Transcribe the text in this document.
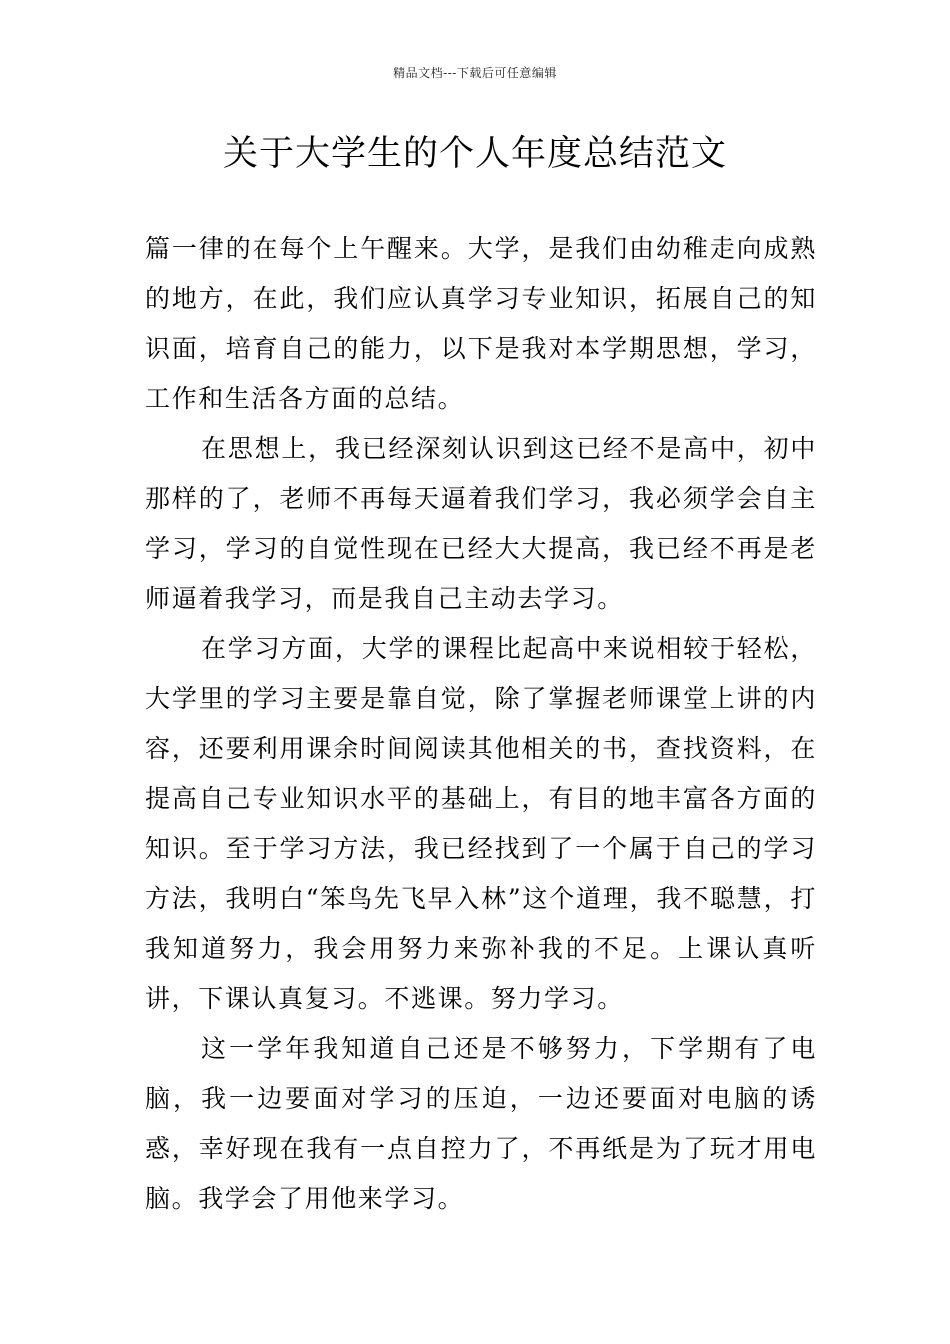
精品文档---下载后可任意编辑
关于大学生的个人年度总结范文

篇一律的在每个上午醒来。大学，是我们由幼稚走向成熟的地方，在此，我们应认真学习专业知识，拓展自己的知识面，培育自己的能力，以下是我对本学期思想，学习，工作和生活各方面的总结。

在思想上，我已经深刻认识到这已经不是高中，初中那样的了，老师不再每天逼着我们学习，我必须学会自主学习，学习的自觉性现在已经大大提高，我已经不再是老师逼着我学习，而是我自己主动去学习。

在学习方面，大学的课程比起高中来说相较于轻松，大学里的学习主要是靠自觉，除了掌握老师课堂上讲的内容，还要利用课余时间阅读其他相关的书，查找资料，在提高自己专业知识水平的基础上，有目的地丰富各方面的知识。至于学习方法，我已经找到了一个属于自己的学习方法，我明白“笨鸟先飞早入林”这个道理，我不聪慧，打我知道努力，我会用努力来弥补我的不足。上课认真听讲，下课认真复习。不逃课。努力学习。

这一学年我知道自己还是不够努力，下学期有了电脑，我一边要面对学习的压迫，一边还要面对电脑的诱惑，幸好现在我有一点自控力了，不再纸是为了玩才用电脑。我学会了用他来学习。
